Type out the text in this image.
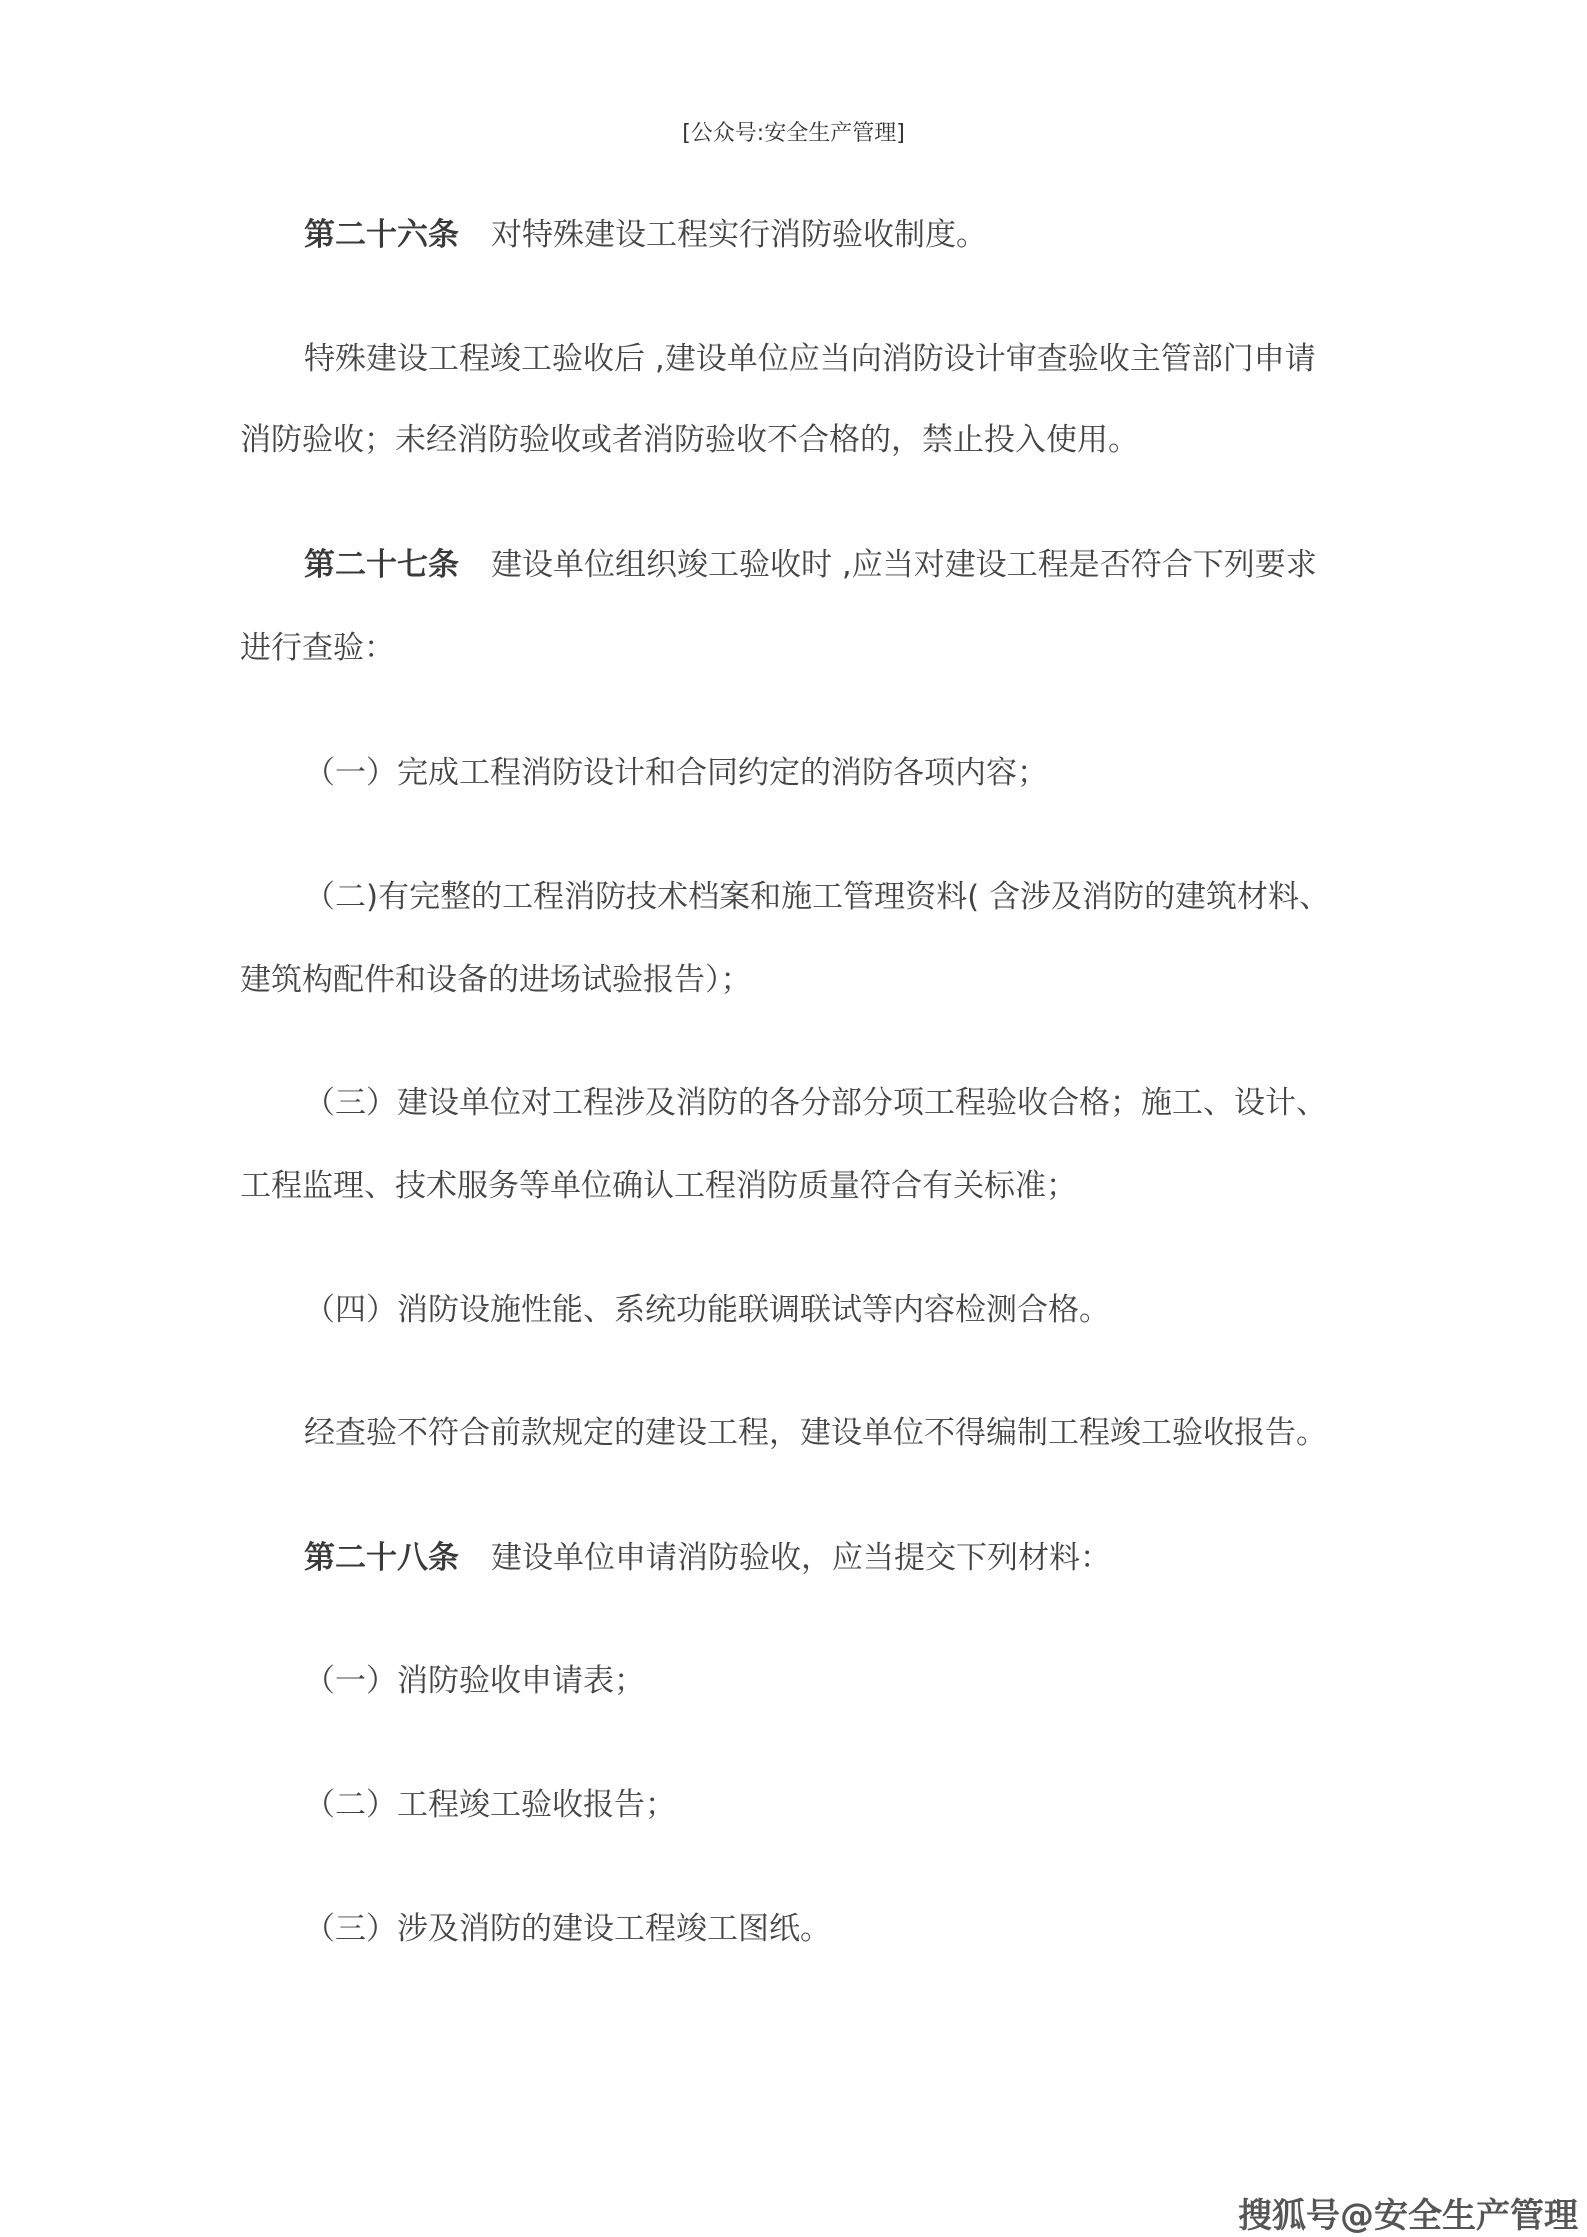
[公众号:安全生产管理]
第二十六条 对特殊建设工程实行消防验收制度。
特殊建设工程竣工验收后 ,建设单位应当向消防设计审查验收主管部门申请
消防验收；未经消防验收或者消防验收不合格的，禁止投入使用。
第二十七条 建设单位组织竣工验收时 ,应当对建设工程是否符合下列要求
进行查验：
（一）完成工程消防设计和合同约定的消防各项内容；
（二)有完整的工程消防技术档案和施工管理资料( 含涉及消防的建筑材料、
建筑构配件和设备的进场试验报告）；
（三）建设单位对工程涉及消防的各分部分项工程验收合格；施工、设计、
工程监理、技术服务等单位确认工程消防质量符合有关标准；
（四）消防设施性能、系统功能联调联试等内容检测合格。
经查验不符合前款规定的建设工程，建设单位不得编制工程竣工验收报告。
第二十八条 建设单位申请消防验收，应当提交下列材料：
（一）消防验收申请表；
（二）工程竣工验收报告；
（三）涉及消防的建设工程竣工图纸。
搜狐号@安全生产管理
